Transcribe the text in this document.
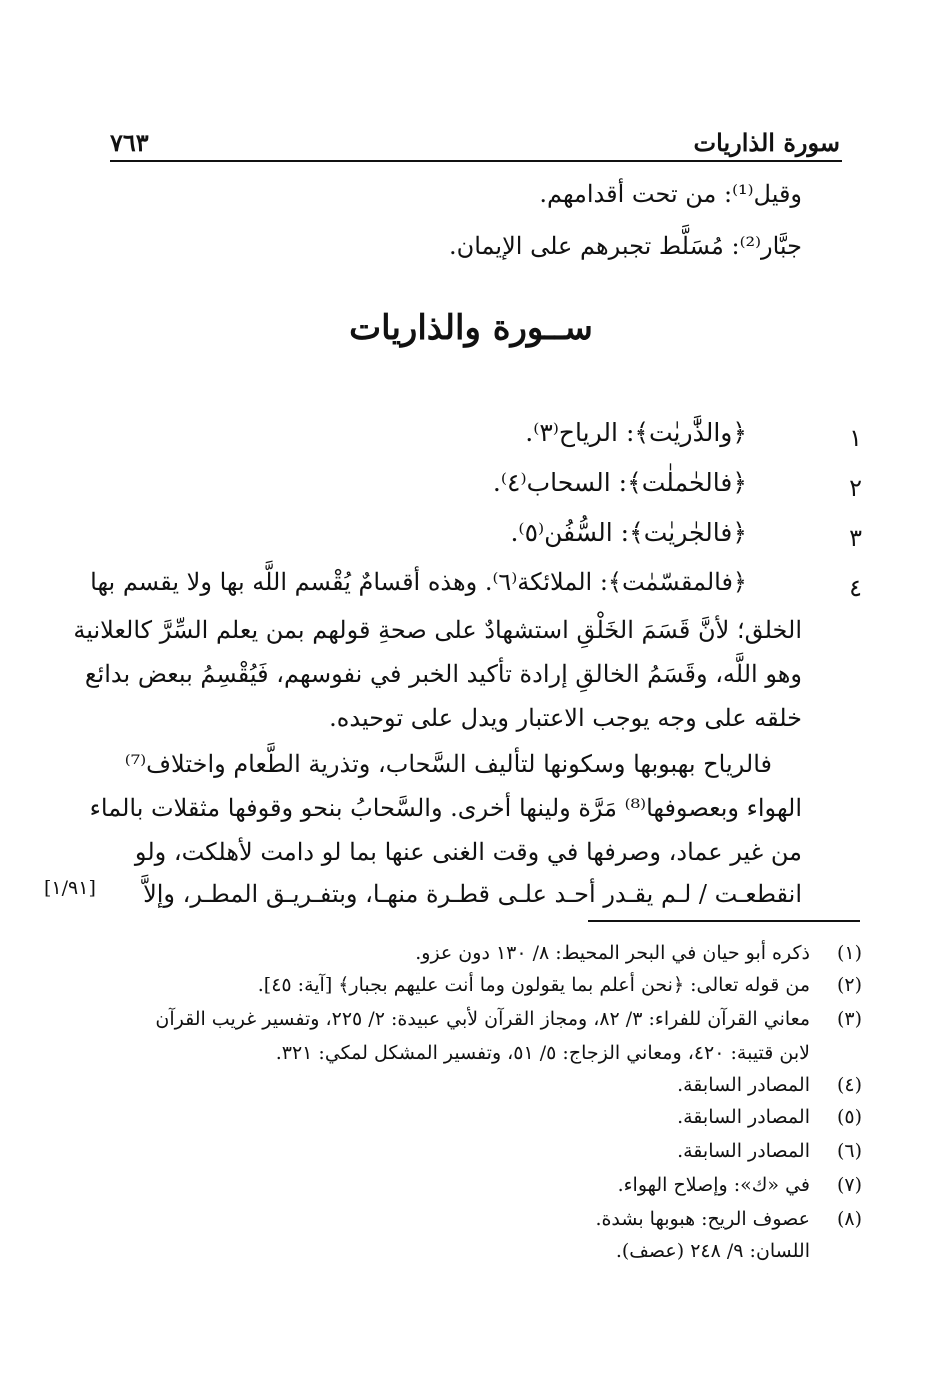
سورة الذاريات
٧٦٣
وقيل⁽¹⁾: من تحت أقدامهم.
جبَّار⁽²⁾: مُسَلَّط تجبرهم على الإيمان.
ســورة والذاريات
١
﴿والذَّٰريٰت﴾: الرياح⁽٣⁾.
٢
﴿فالحٰملٰت﴾: السحاب⁽٤⁾.
٣
﴿فالجٰريٰت﴾: السُّفُن⁽٥⁾.
٤
﴿فالمقسّمٰت﴾: الملائكة⁽٦⁾. وهذه أقسامٌ يُقْسم اللَّه بها ولا يقسم بها
الخلق؛ لأنَّ قَسَمَ الخَلْقِ استشهادٌ على صحةِ قولهم بمن يعلم السِّرَّ كالعلانية
وهو اللَّه، وقَسَمُ الخالقِ إرادة تأكيد الخبر في نفوسهم، فَيُقْسِمُ ببعض بدائع
خلقه على وجه يوجب الاعتبار ويدل على توحيده.
فالرياح بهبوبها وسكونها لتأليف السَّحاب، وتذرية الطَّعام واختلاف⁽⁷⁾
الهواء وبعصوفها⁽⁸⁾ مَرَّة ولينها أخرى. والسَّحابُ بنحو وقوفها مثقلات بالماء
من غير عماد، وصرفها في وقت الغنى عنها بما لو دامت لأهلكت، ولو
انقطعـت / لـم يقـدر أحـد علـى قطـرة منهـا، وبتفـريـق المطـر، وإلاَّ
[١/٩١]
(١)ذكره أبو حيان في البحر المحيط: ٨/ ١٣٠ دون عزو.
(٢)من قوله تعالى: ﴿نحن أعلم بما يقولون وما أنت عليهم بجبار﴾ [آية: ٤٥].
(٣)معاني القرآن للفراء: ٣/ ٨٢، ومجاز القرآن لأبي عبيدة: ٢/ ٢٢٥، وتفسير غريب القرآن
لابن قتيبة: ٤٢٠، ومعاني الزجاج: ٥/ ٥١، وتفسير المشكل لمكي: ٣٢١.
(٤)المصادر السابقة.
(٥)المصادر السابقة.
(٦)المصادر السابقة.
(٧)في «ك»: وإصلاح الهواء.
(٨)عصوف الريح: هبوبها بشدة.
اللسان: ٩/ ٢٤٨ (عصف).
